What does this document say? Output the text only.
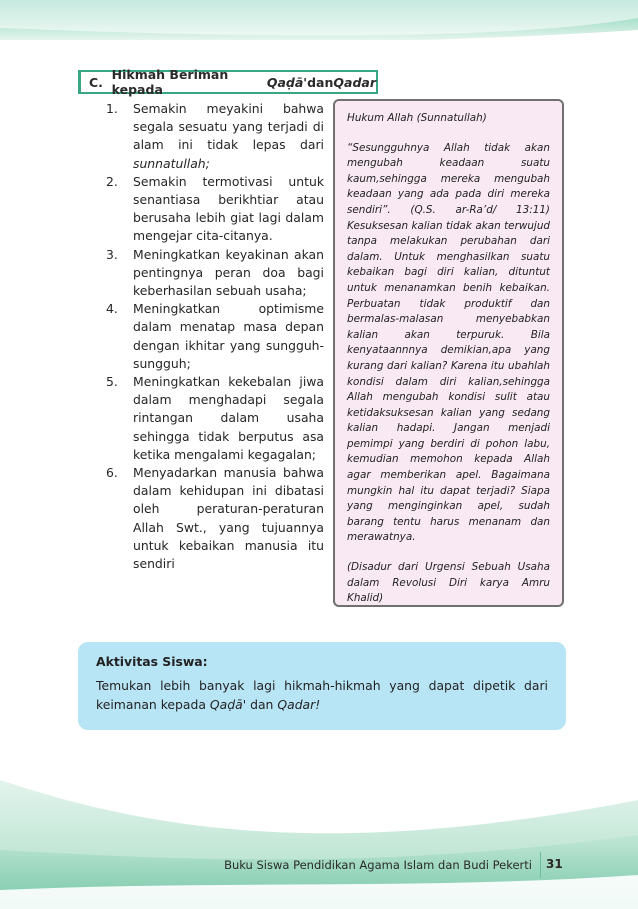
C.
Hikmah Beriman kepada	Qaḍā' dan Qadar
1. Semakin meyakini bahwa segala sesuatu yang terjadi di alam ini tidak lepas dari sunnatullah;
2. Semakin termotivasi untuk senantiasa berikhtiar atau berusaha lebih giat lagi dalam mengejar cita-citanya.
3. Meningkatkan keyakinan akan pentingnya peran doa bagi keberhasilan sebuah usaha;
4. Meningkatkan optimisme dalam menatap masa depan dengan ikhitar yang sungguh-sungguh;
5. Meningkatkan kekebalan jiwa dalam menghadapi segala rintangan dalam usaha sehingga tidak berputus asa ketika mengalami kegagalan;
6. Menyadarkan manusia bahwa dalam kehidupan ini dibatasi oleh peraturan-peraturan Allah Swt., yang tujuannya untuk kebaikan manusia itu sendiri

Hukum Allah (Sunnatullah)

“Sesungguhnya Allah tidak akan mengubah keadaan suatu kaum,sehingga mereka mengubah keadaan yang ada pada diri mereka sendiri”. (Q.S. ar-Ra’d/ 13:11) Kesuksesan kalian tidak akan terwujud tanpa melakukan perubahan dari dalam. Untuk menghasilkan suatu kebaikan bagi diri kalian, dituntut untuk menanamkan benih kebaikan. Perbuatan tidak produktif dan bermalas-malasan menyebabkan kalian akan terpuruk. Bila kenyataannnya demikian,apa yang kurang dari kalian? Karena itu ubahlah kondisi dalam diri kalian,sehingga Allah mengubah kondisi sulit atau ketidaksuksesan kalian yang sedang kalian hadapi. Jangan menjadi pemimpi yang berdiri di pohon labu, kemudian memohon kepada Allah agar memberikan apel. Bagaimana mungkin hal itu dapat terjadi? Siapa yang menginginkan apel, sudah barang tentu harus menanam dan merawatnya.

(Disadur dari Urgensi Sebuah Usaha dalam Revolusi Diri karya Amru Khalid)

Aktivitas Siswa:
Temukan lebih banyak lagi hikmah-hikmah yang dapat dipetik dari keimanan kepada Qaḍā' dan Qadar!
Buku Siswa Pendidikan Agama Islam dan Budi Pekerti 31
